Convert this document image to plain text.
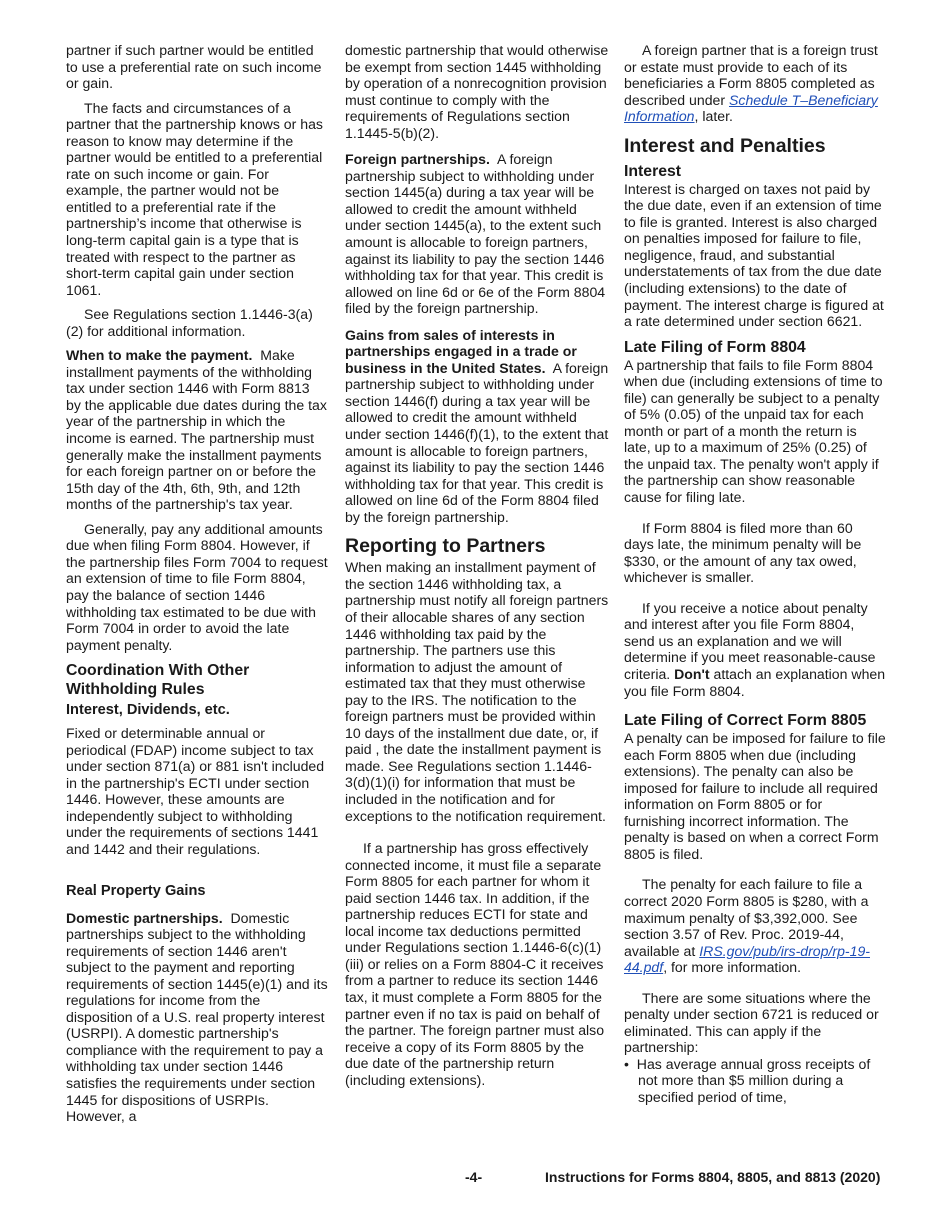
partner if such partner would be entitled to use a preferential rate on such income or gain.

The facts and circumstances of a partner that the partnership knows or has reason to know may determine if the partner would be entitled to a preferential rate on such income or gain. For example, the partner would not be entitled to a preferential rate if the partnership’s income that otherwise is long-term capital gain is a type that is treated with respect to the partner as short-term capital gain under section 1061.

See Regulations section 1.1446-3(a)(2) for additional information.

When to make the payment. Make installment payments of the withholding tax under section 1446 with Form 8813 by the applicable due dates during the tax year of the partnership in which the income is earned. The partnership must generally make the installment payments for each foreign partner on or before the 15th day of the 4th, 6th, 9th, and 12th months of the partnership's tax year.

Generally, pay any additional amounts due when filing Form 8804. However, if the partnership files Form 7004 to request an extension of time to file Form 8804, pay the balance of section 1446 withholding tax estimated to be due with Form 7004 in order to avoid the late payment penalty.

Coordination With Other Withholding Rules
Interest, Dividends, etc.

Fixed or determinable annual or periodical (FDAP) income subject to tax under section 871(a) or 881 isn't included in the partnership's ECTI under section 1446. However, these amounts are independently subject to withholding under the requirements of sections 1441 and 1442 and their regulations.

Real Property Gains

Domestic partnerships. Domestic partnerships subject to the withholding requirements of section 1446 aren't subject to the payment and reporting requirements of section 1445(e)(1) and its regulations for income from the disposition of a U.S. real property interest (USRPI). A domestic partnership's compliance with the requirement to pay a withholding tax under section 1446 satisfies the requirements under section 1445 for dispositions of USRPIs. However, a

domestic partnership that would otherwise be exempt from section 1445 withholding by operation of a nonrecognition provision must continue to comply with the requirements of Regulations section 1.1445-5(b)(2).

Foreign partnerships. A foreign partnership subject to withholding under section 1445(a) during a tax year will be allowed to credit the amount withheld under section 1445(a), to the extent such amount is allocable to foreign partners, against its liability to pay the section 1446 withholding tax for that year. This credit is allowed on line 6d or 6e of the Form 8804 filed by the foreign partnership.

Gains from sales of interests in partnerships engaged in a trade or business in the United States. A foreign partnership subject to withholding under section 1446(f) during a tax year will be allowed to credit the amount withheld under section 1446(f)(1), to the extent that amount is allocable to foreign partners, against its liability to pay the section 1446 withholding tax for that year. This credit is allowed on line 6d of the Form 8804 filed by the foreign partnership.

Reporting to Partners

When making an installment payment of the section 1446 withholding tax, a partnership must notify all foreign partners of their allocable shares of any section 1446 withholding tax paid by the partnership. The partners use this information to adjust the amount of estimated tax that they must otherwise pay to the IRS. The notification to the foreign partners must be provided within 10 days of the installment due date, or, if paid , the date the installment payment is made. See Regulations section 1.1446-3(d)(1)(i) for information that must be included in the notification and for exceptions to the notification requirement.

If a partnership has gross effectively connected income, it must file a separate Form 8805 for each partner for whom it paid section 1446 tax. In addition, if the partnership reduces ECTI for state and local income tax deductions permitted under Regulations section 1.1446-6(c)(1)(iii) or relies on a Form 8804-C it receives from a partner to reduce its section 1446 tax, it must complete a Form 8805 for the partner even if no tax is paid on behalf of the partner. The foreign partner must also receive a copy of its Form 8805 by the due date of the partnership return (including extensions).

A foreign partner that is a foreign trust or estate must provide to each of its beneficiaries a Form 8805 completed as described under Schedule T–Beneficiary Information, later.

Interest and Penalties
Interest

Interest is charged on taxes not paid by the due date, even if an extension of time to file is granted. Interest is also charged on penalties imposed for failure to file, negligence, fraud, and substantial understatements of tax from the due date (including extensions) to the date of payment. The interest charge is figured at a rate determined under section 6621.

Late Filing of Form 8804

A partnership that fails to file Form 8804 when due (including extensions of time to file) can generally be subject to a penalty of 5% (0.05) of the unpaid tax for each month or part of a month the return is late, up to a maximum of 25% (0.25) of the unpaid tax. The penalty won't apply if the partnership can show reasonable cause for filing late.

If Form 8804 is filed more than 60 days late, the minimum penalty will be $330, or the amount of any tax owed, whichever is smaller.

If you receive a notice about penalty and interest after you file Form 8804, send us an explanation and we will determine if you meet reasonable-cause criteria. Don't attach an explanation when you file Form 8804.

Late Filing of Correct Form 8805

A penalty can be imposed for failure to file each Form 8805 when due (including extensions). The penalty can also be imposed for failure to include all required information on Form 8805 or for furnishing incorrect information. The penalty is based on when a correct Form 8805 is filed.

The penalty for each failure to file a correct 2020 Form 8805 is $280, with a maximum penalty of $3,392,000. See section 3.57 of Rev. Proc. 2019-44, available at IRS.gov/pub/irs-drop/rp-19-44.pdf, for more information.

There are some situations where the penalty under section 6721 is reduced or eliminated. This can apply if the partnership:

• Has average annual gross receipts of not more than $5 million during a specified period of time,

-4-	Instructions for Forms 8804, 8805, and 8813 (2020)
